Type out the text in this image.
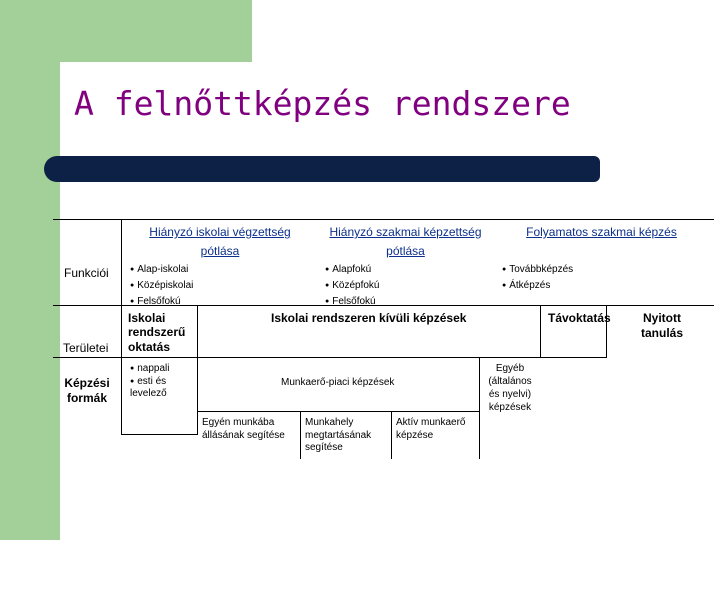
A felnőttképzés rendszere
Funkciói
Területei
Képzési formák
Hiányzó iskolai végzettség pótlása
Hiányzó szakmai képzettség pótlása
Folyamatos szakmai képzés
● Alap-iskolai
● Középiskolai
● Felsőfokú
● Alapfokú
● Középfokú
● Felsőfokú
● Továbbképzés
● Átképzés
Iskolai rendszerű oktatás
Iskolai rendszeren kívüli képzések	Távoktatás	Nyitott tanulás
● nappali
● esti és levelező
Munkaerő-piaci képzések
Egyéb (általános és nyelvi) képzések
Egyén munkába állásának segítése
Munkahely megtartásának segítése
Aktív munkaerő képzése
